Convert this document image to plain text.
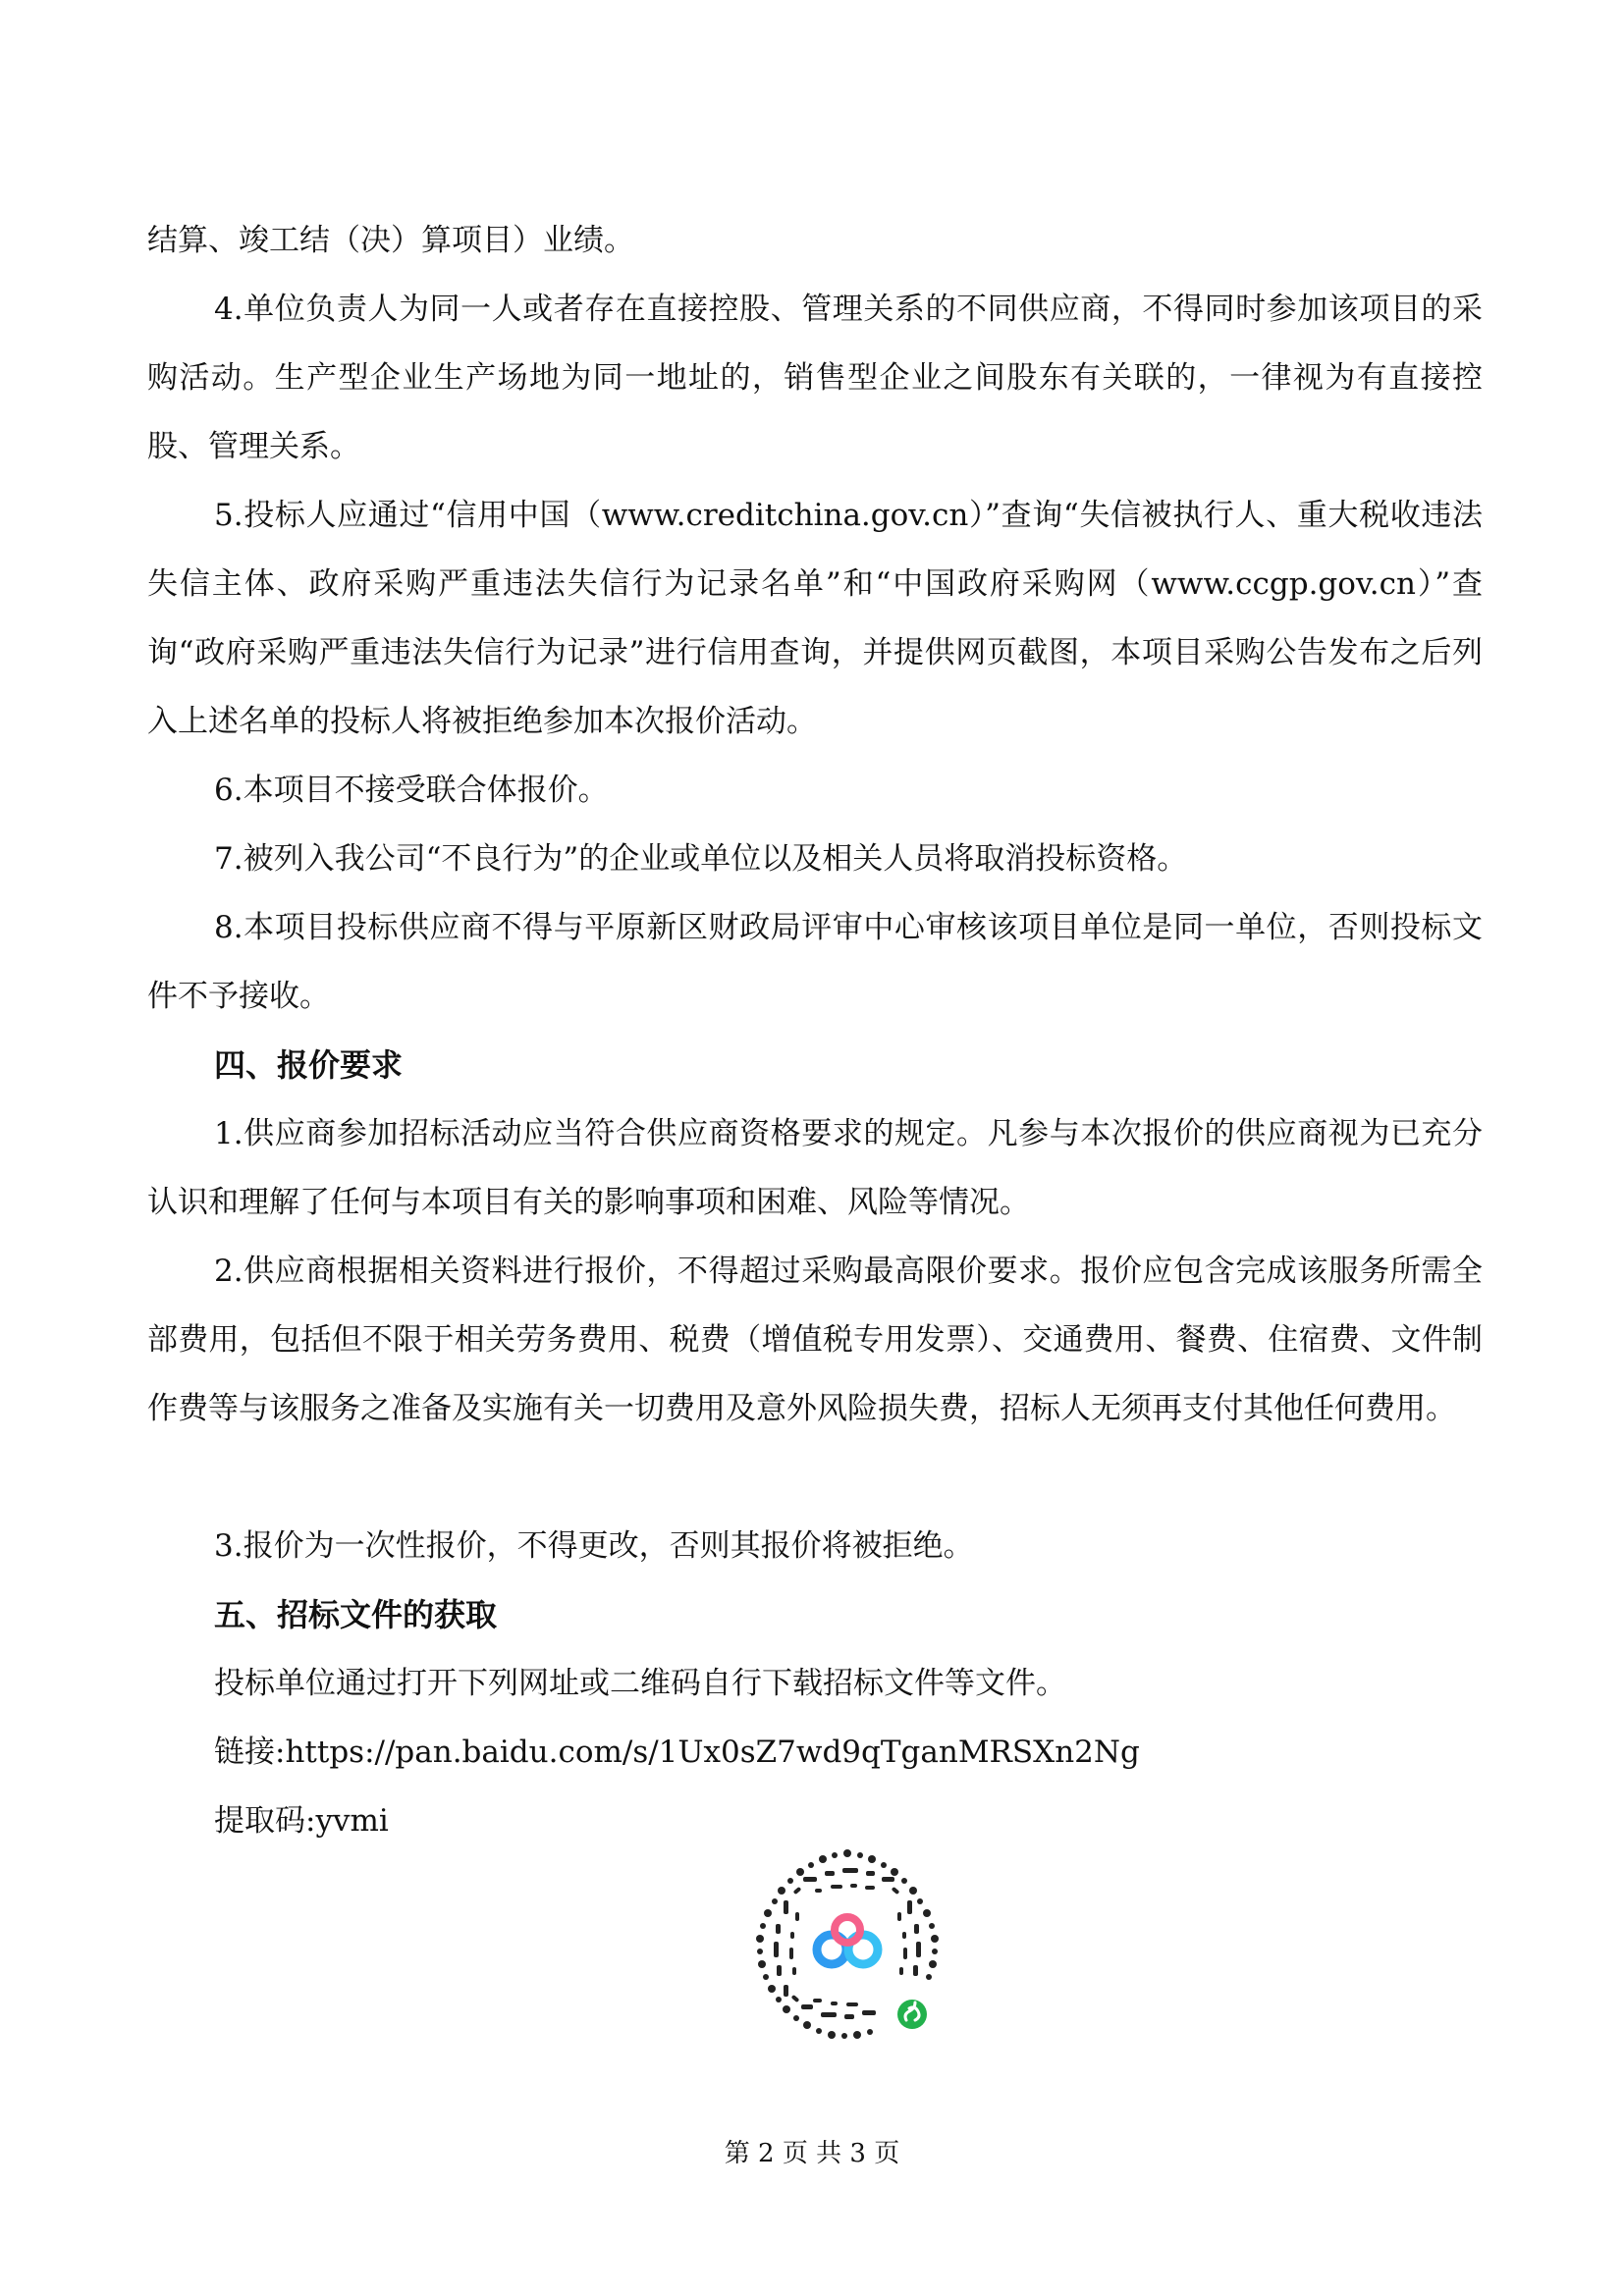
结算、竣工结（决）算项目）业绩。

4.单位负责人为同一人或者存在直接控股、管理关系的不同供应商，不得同时参加该项目的采购活动。生产型企业生产场地为同一地址的，销售型企业之间股东有关联的，一律视为有直接控股、管理关系。

5.投标人应通过“信用中国（www.creditchina.gov.cn）”查询“失信被执行人、重大税收违法失信主体、政府采购严重违法失信行为记录名单”和“中国政府采购网（www.ccgp.gov.cn）”查询“政府采购严重违法失信行为记录”进行信用查询，并提供网页截图，本项目采购公告发布之后列入上述名单的投标人将被拒绝参加本次报价活动。

6.本项目不接受联合体报价。

7.被列入我公司“不良行为”的企业或单位以及相关人员将取消投标资格。

8.本项目投标供应商不得与平原新区财政局评审中心审核该项目单位是同一单位，否则投标文件不予接收。

四、报价要求

1.供应商参加招标活动应当符合供应商资格要求的规定。凡参与本次报价的供应商视为已充分认识和理解了任何与本项目有关的影响事项和困难、风险等情况。

2.供应商根据相关资料进行报价，不得超过采购最高限价要求。报价应包含完成该服务所需全部费用，包括但不限于相关劳务费用、税费（增值税专用发票）、交通费用、餐费、住宿费、文件制作费等与该服务之准备及实施有关一切费用及意外风险损失费，招标人无须再支付其他任何费用。

3.报价为一次性报价，不得更改，否则其报价将被拒绝。

五、招标文件的获取

投标单位通过打开下列网址或二维码自行下载招标文件等文件。

链接:https://pan.baidu.com/s/1Ux0sZ7wd9qTganMRSXn2Ng

提取码:yvmi

第 2 页 共 3 页
